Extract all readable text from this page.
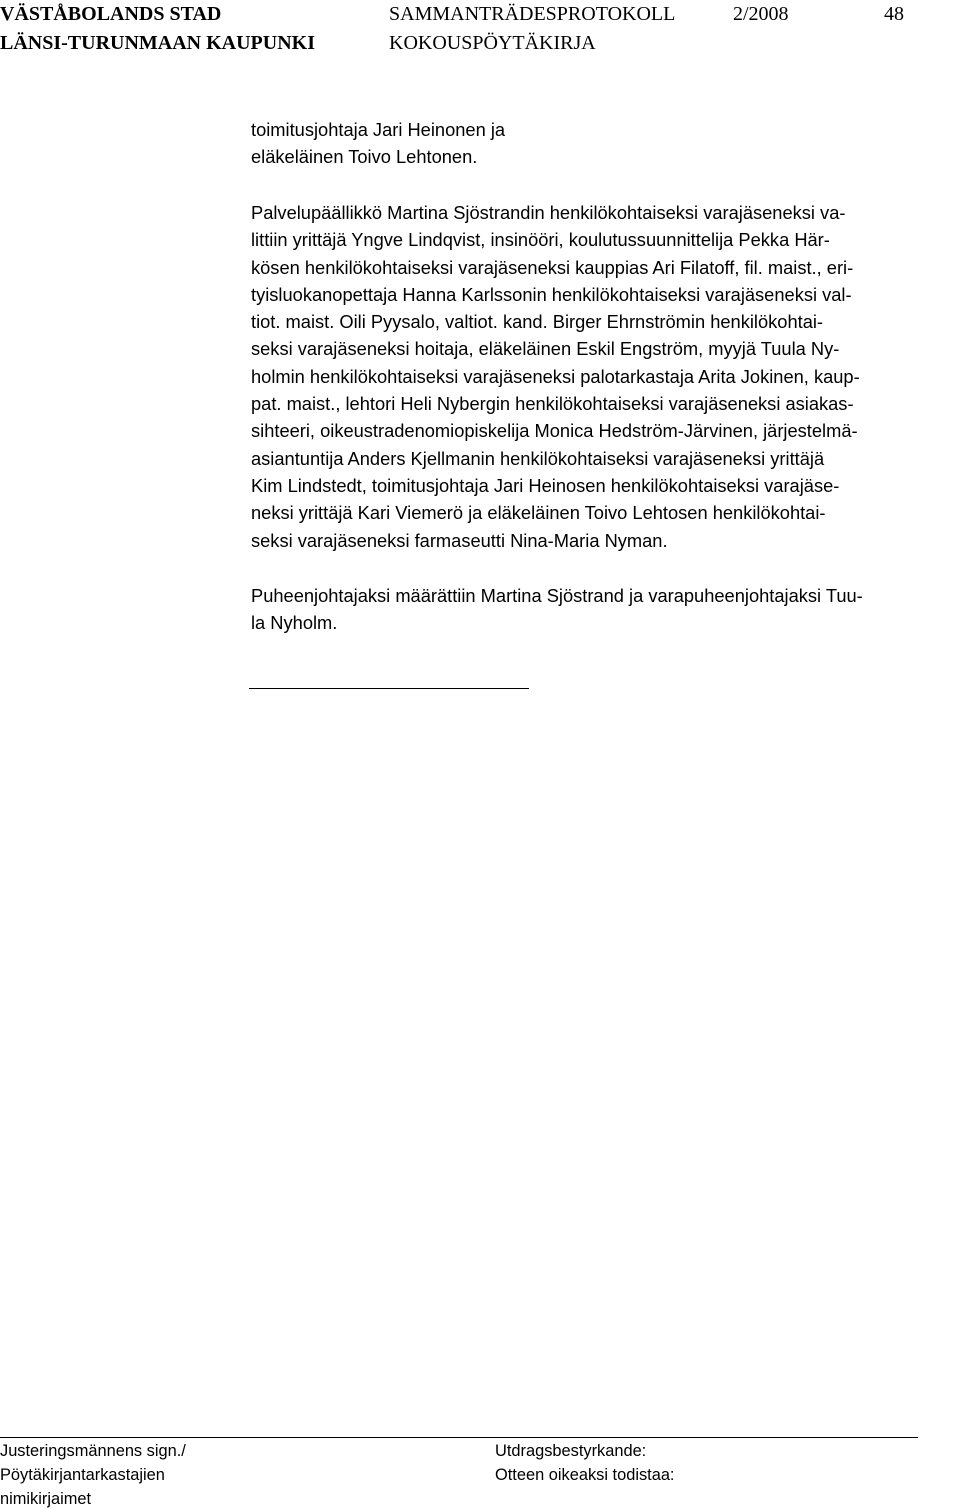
VÄSTÅBOLANDS STAD
LÄNSI-TURUNMAAN KAUPUNKI
SAMMANTRÄDESPROTOKOLL
KOKOUSPÖYTÄKIRJA
2/2008	48
toimitusjohtaja Jari Heinonen ja
eläkeläinen Toivo Lehtonen.
Palvelupäällikkö Martina Sjöstrandin henkilökohtaiseksi varajäseneksi va-
littiin yrittäjä Yngve Lindqvist, insinööri, koulutussuunnittelija Pekka Här-
kösen henkilökohtaiseksi varajäseneksi kauppias Ari Filatoff, fil. maist., eri-
tyisluokanopettaja Hanna Karlssonin henkilökohtaiseksi varajäseneksi val-
tiot. maist. Oili Pyysalo, valtiot. kand. Birger Ehrnströmin henkilökohtai-
seksi varajäseneksi hoitaja, eläkeläinen Eskil Engström, myyjä Tuula Ny-
holmin henkilökohtaiseksi varajäseneksi palotarkastaja Arita Jokinen, kaup-
pat. maist., lehtori Heli Nybergin henkilökohtaiseksi varajäseneksi asiakas-
sihteeri, oikeustradenomiopiskelija Monica Hedström-Järvinen, järjestelmä-
asiantuntija Anders Kjellmanin henkilökohtaiseksi varajäseneksi yrittäjä
Kim Lindstedt, toimitusjohtaja Jari Heinosen henkilökohtaiseksi varajäse-
neksi yrittäjä Kari Viemerö ja eläkeläinen Toivo Lehtosen henkilökohtai-
seksi varajäseneksi farmaseutti Nina-Maria Nyman.
Puheenjohtajaksi määrättiin Martina Sjöstrand ja varapuheenjohtajaksi Tuu-
la Nyholm.
Justeringsmännens sign./
Pöytäkirjantarkastajien
nimikirjaimet
Utdragsbestyrkande:
Otteen oikeaksi todistaa:
